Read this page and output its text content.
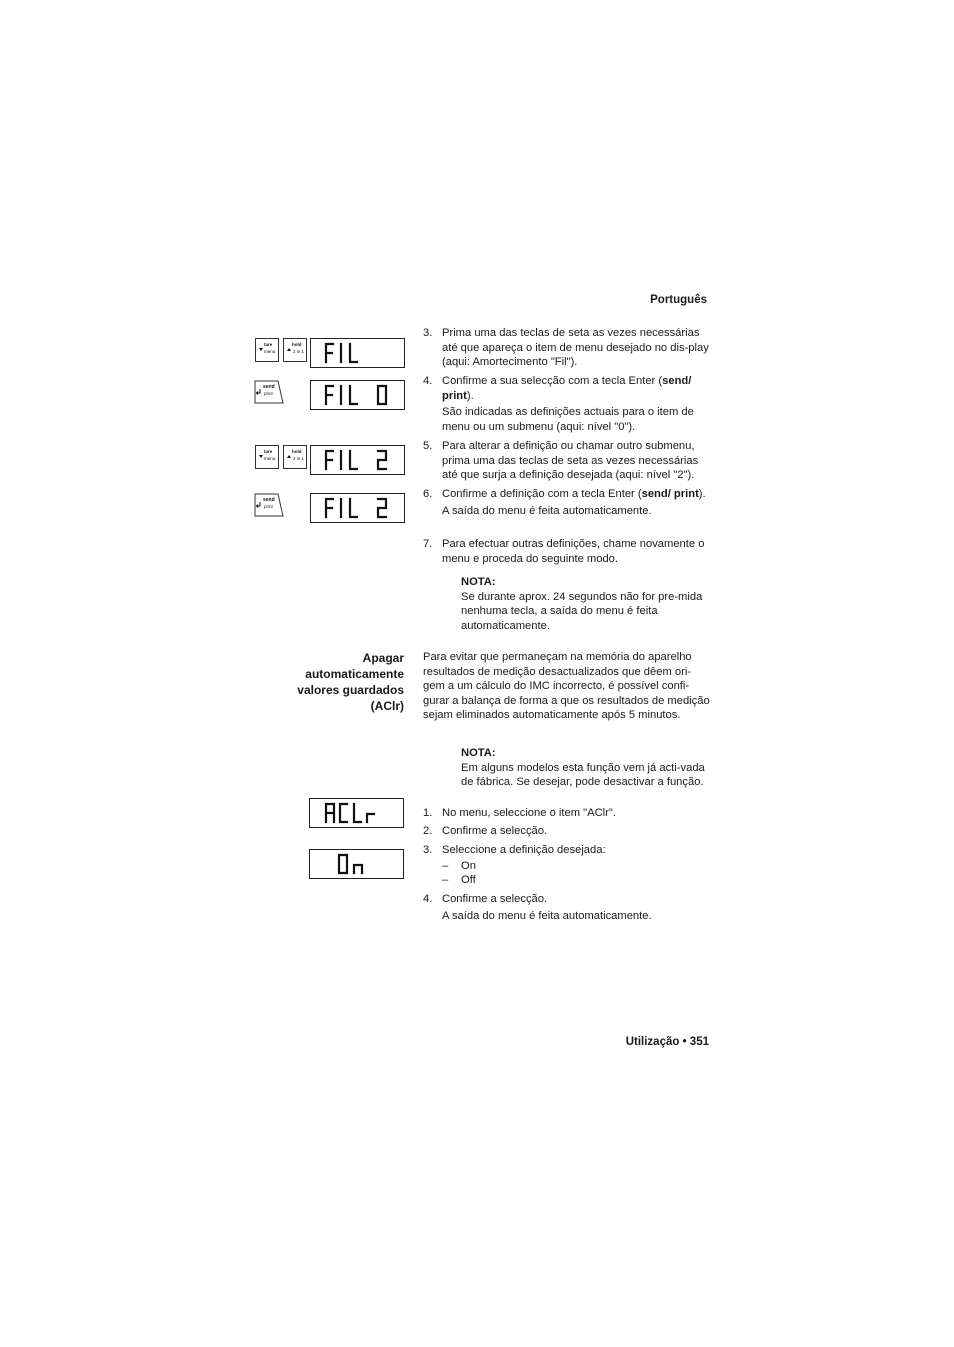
Português
tare
menu
hold
2 in 1
send
print
tare
menu
hold
2 in 1
send
print
3. Prima uma das teclas de seta as vezes necessárias até que apareça o item de menu desejado no dis-play (aqui: Amortecimento "Fil").
4. Confirme a sua selecção com a tecla Enter (send/ print).
São indicadas as definições actuais para o item de menu ou um submenu (aqui: nível "0").
5. Para alterar a definição ou chamar outro submenu, prima uma das teclas de seta as vezes necessárias até que surja a definição desejada (aqui: nível "2").
6. Confirme a definição com a tecla Enter (send/ print).
A saída do menu é feita automaticamente.
7. Para efectuar outras definições, chame novamente o menu e proceda do seguinte modo.
NOTA:
Se durante aprox. 24 segundos não for pre-mida nenhuma tecla, a saída do menu é feita automaticamente.
Apagar
automaticamente
valores guardados
(AClr)
Para evitar que permaneçam na memória do aparelho resultados de medição desactualizados que dêem ori-gem a um cálculo do IMC incorrecto, é possível confi-gurar a balança de forma a que os resultados de medição sejam eliminados automaticamente após 5 minutos.
NOTA:
Em alguns modelos esta função vem já acti-vada de fábrica. Se desejar, pode desactivar a função.
1. No menu, seleccione o item "AClr".
2. Confirme a selecção.
3. Seleccione a definição desejada:
– On
– Off
4. Confirme a selecção.
A saída do menu é feita automaticamente.
Utilização • 351
